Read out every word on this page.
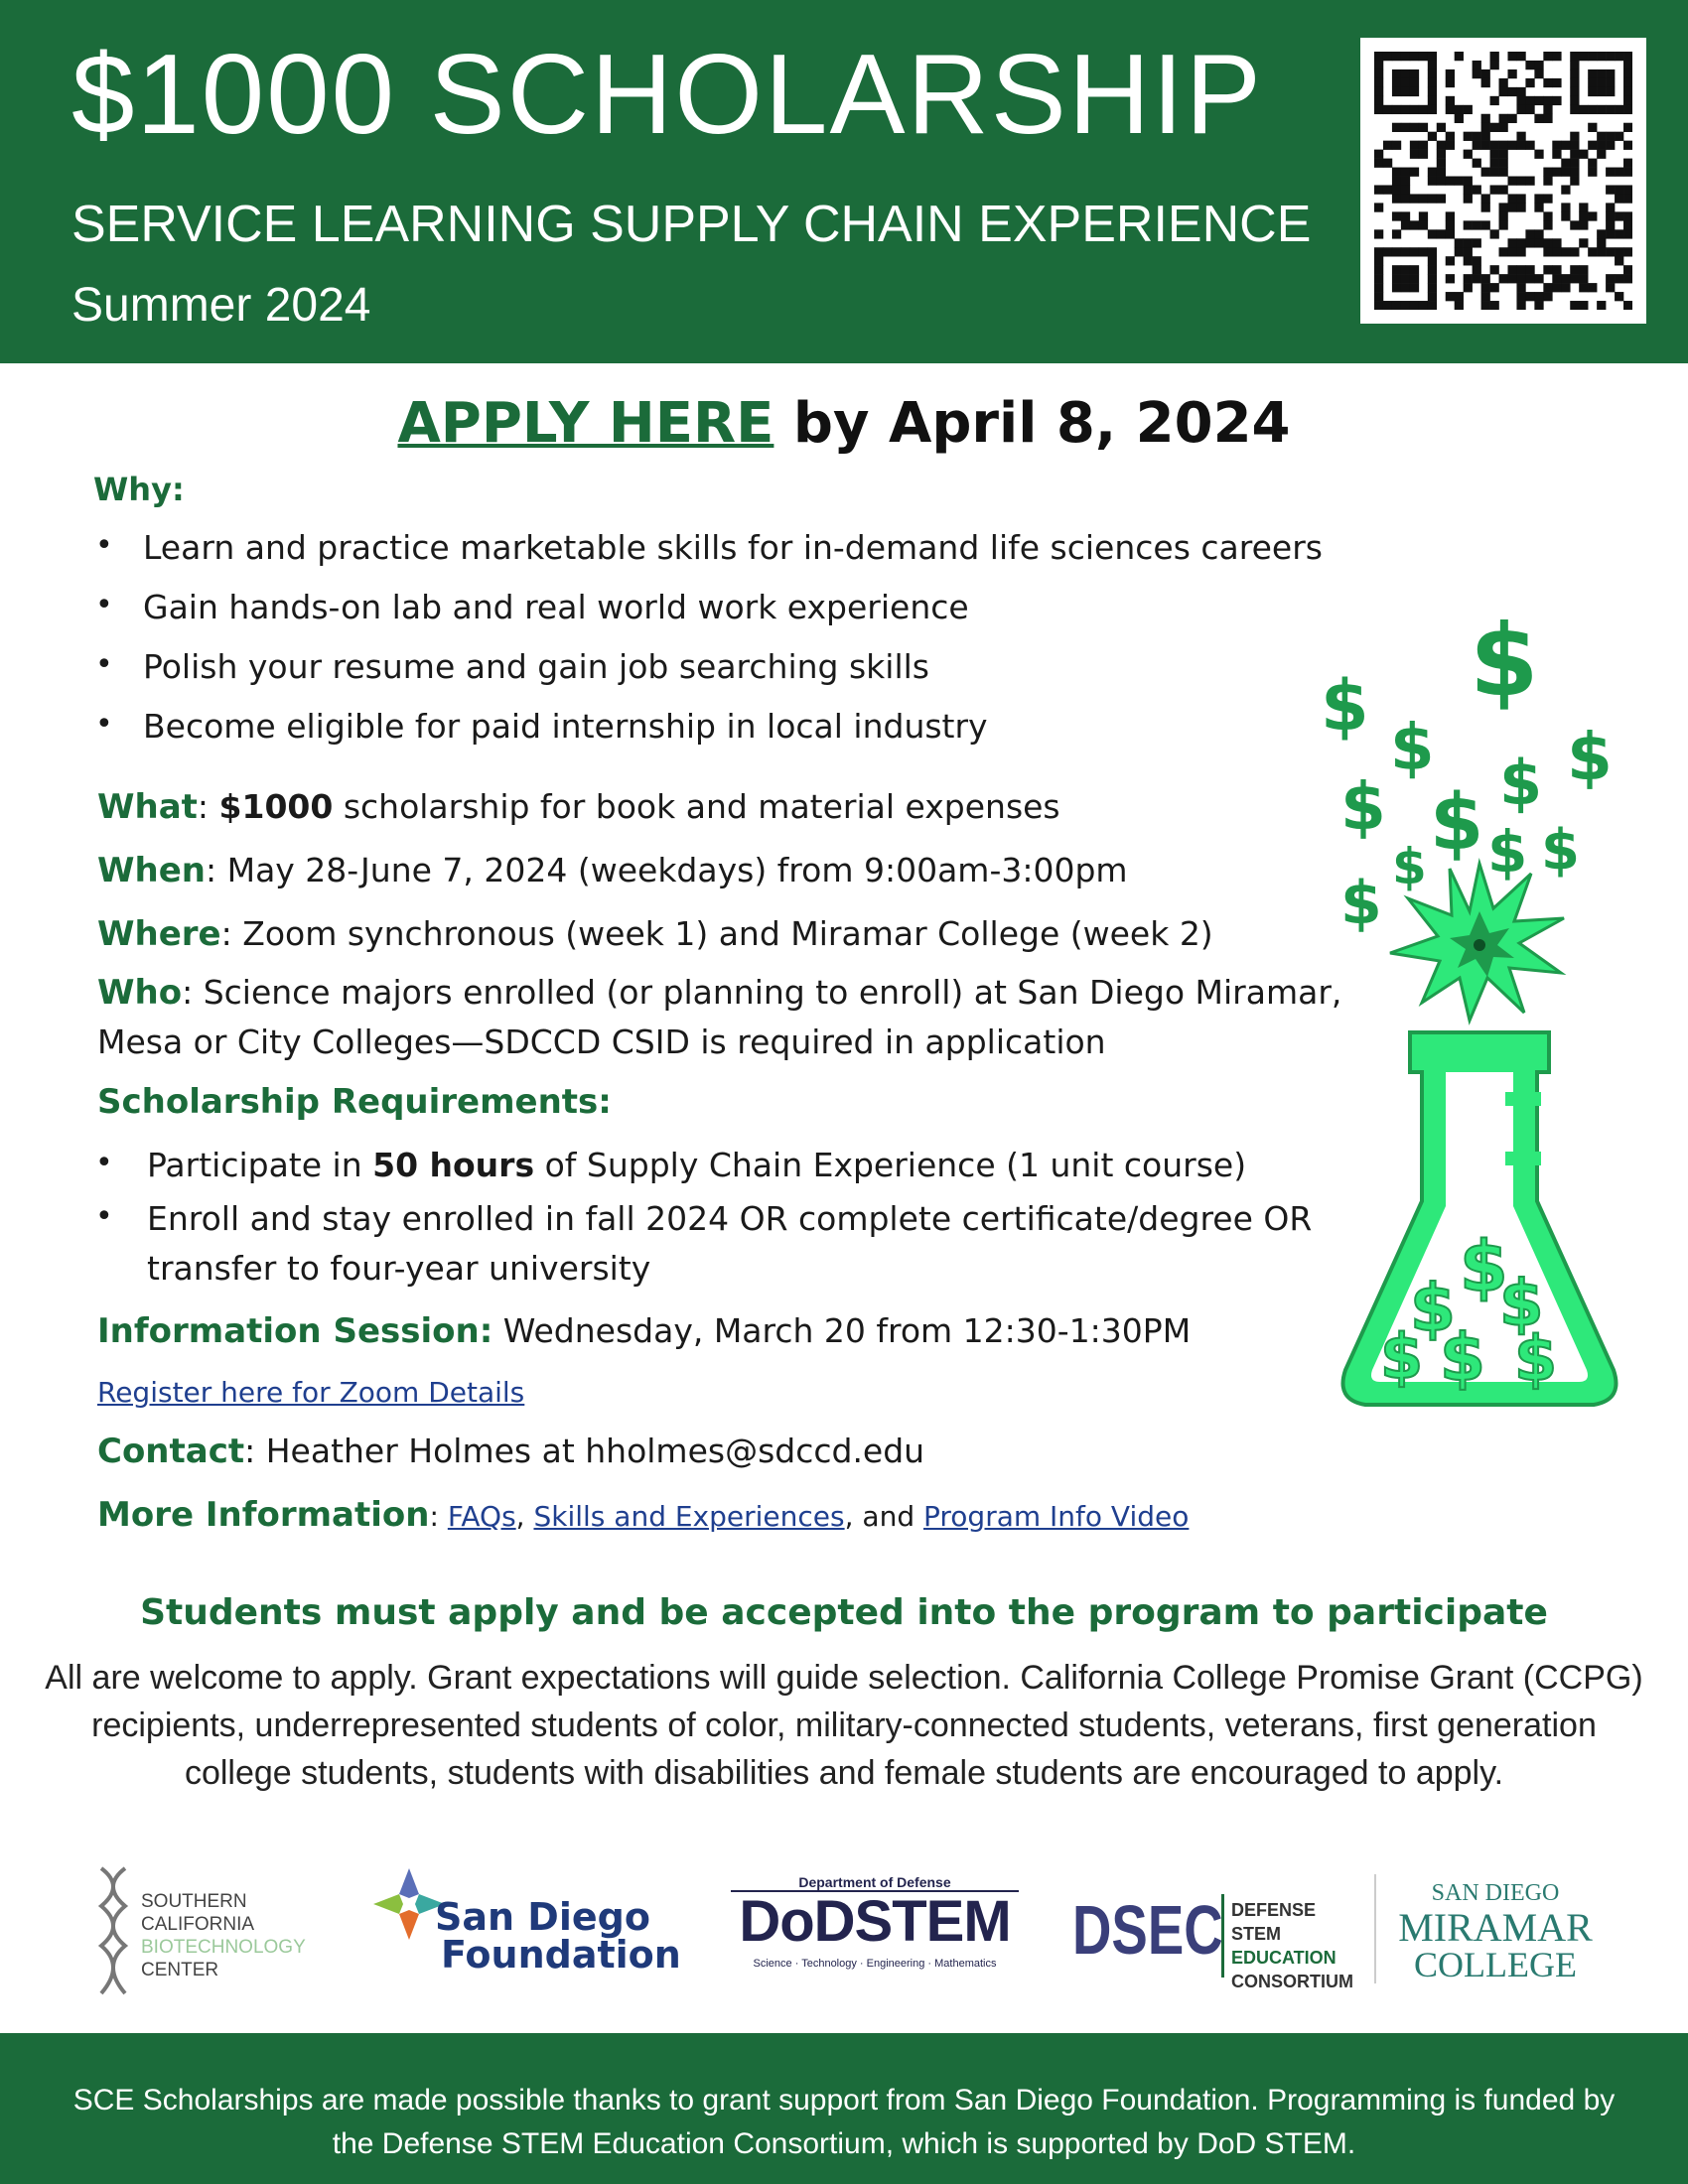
$1000 SCHOLARSHIP
SERVICE LEARNING SUPPLY CHAIN EXPERIENCE
Summer 2024
APPLY HERE by April 8, 2024
Why:
• Learn and practice marketable skills for in-demand life sciences careers
• Gain hands-on lab and real world work experience
• Polish your resume and gain job searching skills
• Become eligible for paid internship in local industry
What: $1000 scholarship for book and material expenses
When: May 28-June 7, 2024 (weekdays) from 9:00am-3:00pm
Where: Zoom synchronous (week 1) and Miramar College (week 2)
Who: Science majors enrolled (or planning to enroll) at San Diego Miramar,
Mesa or City Colleges—SDCCD CSID is required in application
Scholarship Requirements:
• Participate in 50 hours of Supply Chain Experience (1 unit course)
• Enroll and stay enrolled in fall 2024 OR complete certificate/degree OR
transfer to four-year university
Information Session: Wednesday, March 20 from 12:30-1:30PM
Register here for Zoom Details
Contact: Heather Holmes at hholmes@sdccd.edu
More Information: FAQs, Skills and Experiences, and Program Info Video
$
$
$ $
$
$ $ $ $
$
$
$
$ $
$ $ $
Students must apply and be accepted into the program to participate
All are welcome to apply. Grant expectations will guide selection. California College Promise Grant (CCPG) recipients, underrepresented students of color, military-connected students, veterans, first generation college students, students with disabilities and female students are encouraged to apply.
SOUTHERN
CALIFORNIA
BIOTECHNOLOGY
CENTER
San Diego
Foundation
Department of Defense
DoDSTEM
Science · Technology · Engineering · Mathematics	DSEC DEFENSE STEM
EDUCATION
CONSORTIUM
SAN DIEGO
MIRAMAR
COLLEGE
SCE Scholarships are made possible thanks to grant support from San Diego Foundation. Programming is funded by the Defense STEM Education Consortium, which is supported by DoD STEM.
